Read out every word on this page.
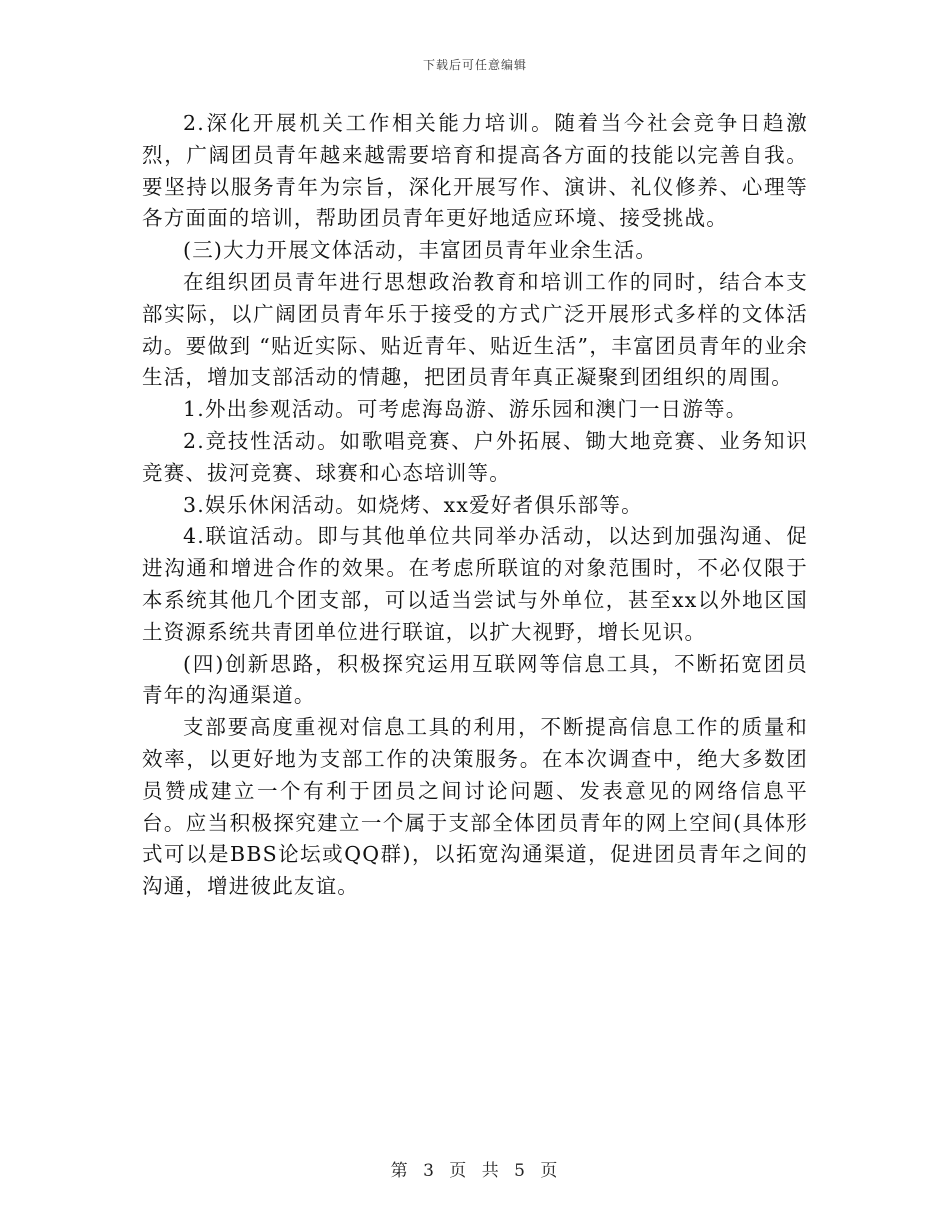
下载后可任意编辑

2.深化开展机关工作相关能力培训。随着当今社会竞争日趋激烈，广阔团员青年越来越需要培育和提高各方面的技能以完善自我。要坚持以服务青年为宗旨，深化开展写作、演讲、礼仪修养、心理等各方面面的培训，帮助团员青年更好地适应环境、接受挑战。

(三)大力开展文体活动，丰富团员青年业余生活。

在组织团员青年进行思想政治教育和培训工作的同时，结合本支部实际，以广阔团员青年乐于接受的方式广泛开展形式多样的文体活动。要做到 “贴近实际、贴近青年、贴近生活”，丰富团员青年的业余生活，增加支部活动的情趣，把团员青年真正凝聚到团组织的周围。

1.外出参观活动。可考虑海岛游、游乐园和澳门一日游等。

2.竞技性活动。如歌唱竞赛、户外拓展、锄大地竞赛、业务知识竞赛、拔河竞赛、球赛和心态培训等。

3.娱乐休闲活动。如烧烤、xx爱好者俱乐部等。

4.联谊活动。即与其他单位共同举办活动，以达到加强沟通、促进沟通和增进合作的效果。在考虑所联谊的对象范围时，不必仅限于本系统其他几个团支部，可以适当尝试与外单位，甚至xx以外地区国土资源系统共青团单位进行联谊，以扩大视野，增长见识。

(四)创新思路，积极探究运用互联网等信息工具，不断拓宽团员青年的沟通渠道。

支部要高度重视对信息工具的利用，不断提高信息工作的质量和效率，以更好地为支部工作的决策服务。在本次调查中，绝大多数团员赞成建立一个有利于团员之间讨论问题、发表意见的网络信息平台。应当积极探究建立一个属于支部全体团员青年的网上空间(具体形式可以是BBS论坛或QQ群)，以拓宽沟通渠道，促进团员青年之间的沟通，增进彼此友谊。

第 3 页 共 5 页
